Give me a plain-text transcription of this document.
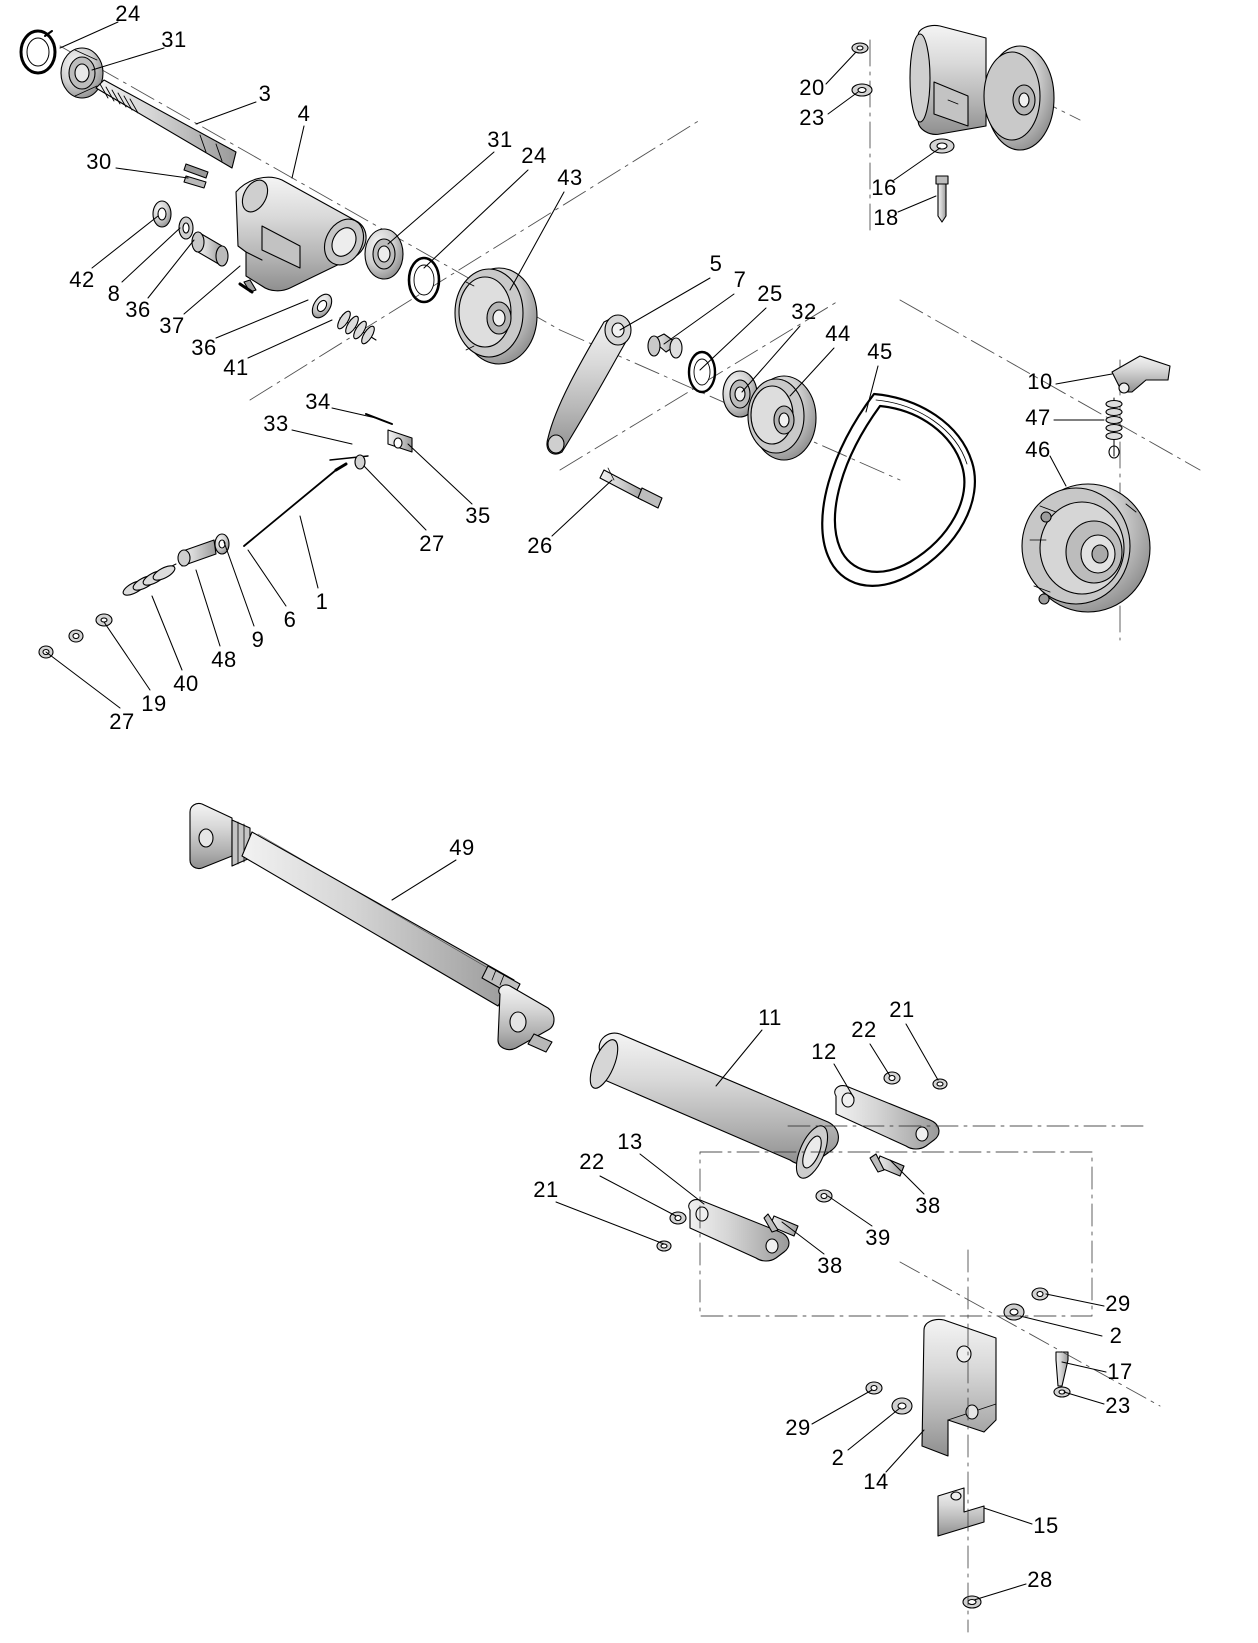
24
31
3
4
31
24
43
30
42
8
36
37
36
41
5
7
25
32
44
45
10
47
46
20
23
16
18
34
33
35
27
1
6
9
48
40
19
27
26
49
11
12
22
21
38
13
22
21
39
38
29
2
17
23
29
2
14
15
28
